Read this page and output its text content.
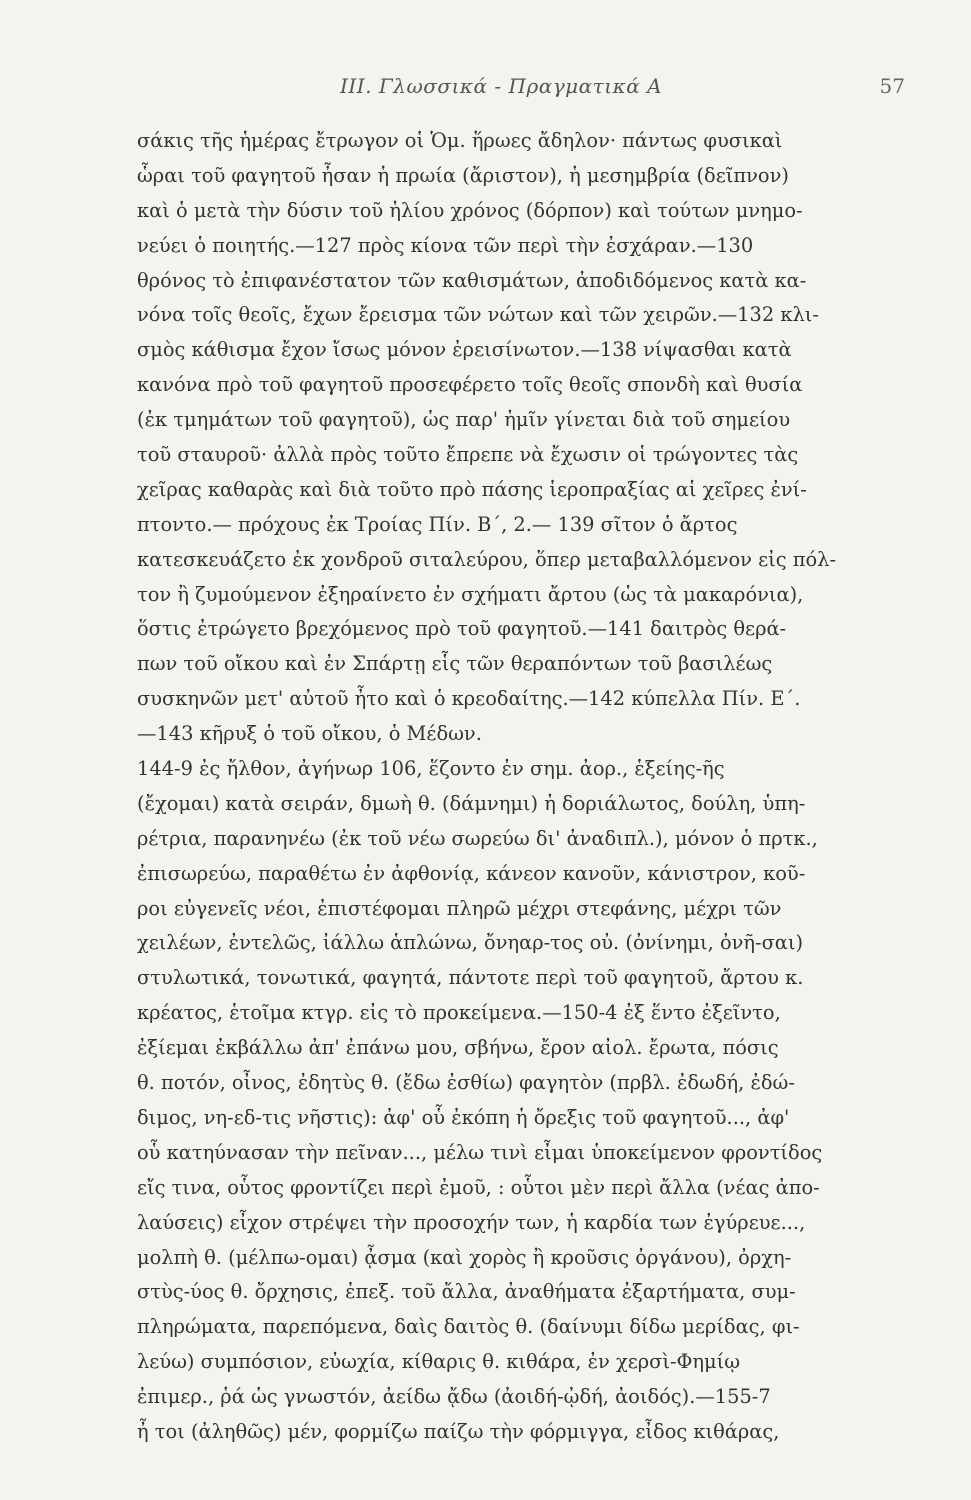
III. Γλωσσικά - Πραγματικά Α	57
σάκις τῆς ἡμέρας ἔτρωγον οἱ Ὁμ. ἥρωες ἄδηλον· πάντως φυσικαὶ
ὧραι τοῦ φαγητοῦ ἦσαν ἡ πρωία (ἄριστον), ἡ μεσημβρία (δεῖπνον)
καὶ ὁ μετὰ τὴν δύσιν τοῦ ἡλίου χρόνος (δόρπον) καὶ τούτων μνημο-
νεύει ὁ ποιητής.—127 πρὸς κίονα τῶν περὶ τὴν ἐσχάραν.—130
θρόνος τὸ ἐπιφανέστατον τῶν καθισμάτων, ἀποδιδόμενος κατὰ κα-
νόνα τοῖς θεοῖς, ἔχων ἔρεισμα τῶν νώτων καὶ τῶν χειρῶν.—132 κλι-
σμὸς κάθισμα ἔχον ἴσως μόνον ἐρεισίνωτον.—138 νίψασθαι κατὰ
κανόνα πρὸ τοῦ φαγητοῦ προσεφέρετο τοῖς θεοῖς σπονδὴ καὶ θυσία
(ἐκ τμημάτων τοῦ φαγητοῦ), ὡς παρ' ἡμῖν γίνεται διὰ τοῦ σημείου
τοῦ σταυροῦ· ἀλλὰ πρὸς τοῦτο ἔπρεπε νὰ ἔχωσιν οἱ τρώγοντες τὰς
χεῖρας καθαρὰς καὶ διὰ τοῦτο πρὸ πάσης ἱεροπραξίας αἱ χεῖρες ἐνί-
πτοντο.— πρόχους ἐκ Τροίας Πίν. Β΄, 2.— 139 σῖτον ὁ ἄρτος
κατεσκευάζετο ἐκ χονδροῦ σιταλεύρου, ὅπερ μεταβαλλόμενον εἰς πόλ-
τον ἢ ζυμούμενον ἐξηραίνετο ἐν σχήματι ἄρτου (ὡς τὰ μακαρόνια),
ὅστις ἐτρώγετο βρεχόμενος πρὸ τοῦ φαγητοῦ.—141 δαιτρὸς θερά-
πων τοῦ οἴκου καὶ ἐν Σπάρτῃ εἷς τῶν θεραπόντων τοῦ βασιλέως
συσκηνῶν μετ' αὐτοῦ ἦτο καὶ ὁ κρεοδαίτης.—142 κύπελλα Πίν. Ε΄.
—143 κῆρυξ ὁ τοῦ οἴκου, ὁ Μέδων.
144-9 ἐς ἤλθον, ἀγήνωρ 106, ἕζοντο ἐν σημ. ἀορ., ἑξείης-ῆς
(ἔχομαι) κατὰ σειράν, δμωὴ θ. (δάμνημι) ἡ δοριάλωτος, δούλη, ὑπη-
ρέτρια, παρανηνέω (ἐκ τοῦ νέω σωρεύω δι' ἀναδιπλ.), μόνον ὁ πρτκ.,
ἐπισωρεύω, παραθέτω ἐν ἀφθονίᾳ, κάνεον κανοῦν, κάνιστρον, κοῦ-
ροι εὐγενεῖς νέοι, ἐπιστέφομαι πληρῶ μέχρι στεφάνης, μέχρι τῶν
χειλέων, ἐντελῶς, ἰάλλω ἁπλώνω, ὄνηαρ-τος οὐ. (ὀνίνημι, ὀνῆ-σαι)
στυλωτικά, τονωτικά, φαγητά, πάντοτε περὶ τοῦ φαγητοῦ, ἄρτου κ.
κρέατος, ἑτοῖμα κτγρ. εἰς τὸ προκείμενα.—150-4 ἐξ ἕντο ἐξεῖντο,
ἐξίεμαι ἐκβάλλω ἀπ' ἐπάνω μου, σβήνω, ἔρον αἰολ. ἔρωτα, πόσις
θ. ποτόν, οἶνος, ἐδητὺς θ. (ἔδω ἐσθίω) φαγητὸν (πρβλ. ἐδωδή, ἐδώ-
διμος, νη-εδ-τις νῆστις): ἀφ' οὗ ἐκόπη ἡ ὄρεξις τοῦ φαγητοῦ..., ἀφ'
οὗ κατηύνασαν τὴν πεῖναν..., μέλω τινὶ εἶμαι ὑποκείμενον φροντίδος
εἴς τινα, οὗτος φροντίζει περὶ ἐμοῦ, : οὗτοι μὲν περὶ ἄλλα (νέας ἀπο-
λαύσεις) εἶχον στρέψει τὴν προσοχήν των, ἡ καρδία των ἐγύρευε...,
μολπὴ θ. (μέλπω-ομαι) ᾆσμα (καὶ χορὸς ἢ κροῦσις ὀργάνου), ὀρχη-
στὺς-ύος θ. ὄρχησις, ἐπεξ. τοῦ ἄλλα, ἀναθήματα ἐξαρτήματα, συμ-
πληρώματα, παρεπόμενα, δαὶς δαιτὸς θ. (δαίνυμι δίδω μερίδας, φι-
λεύω) συμπόσιον, εὐωχία, κίθαρις θ. κιθάρα, ἐν χερσὶ-Φημίῳ
ἐπιμερ., ῥά ὡς γνωστόν, ἀείδω ᾄδω (ἀοιδή-ᾠδή, ἀοιδός).—155-7
ἦ τοι (ἀληθῶς) μέν, φορμίζω παίζω τὴν φόρμιγγα, εἶδος κιθάρας,
